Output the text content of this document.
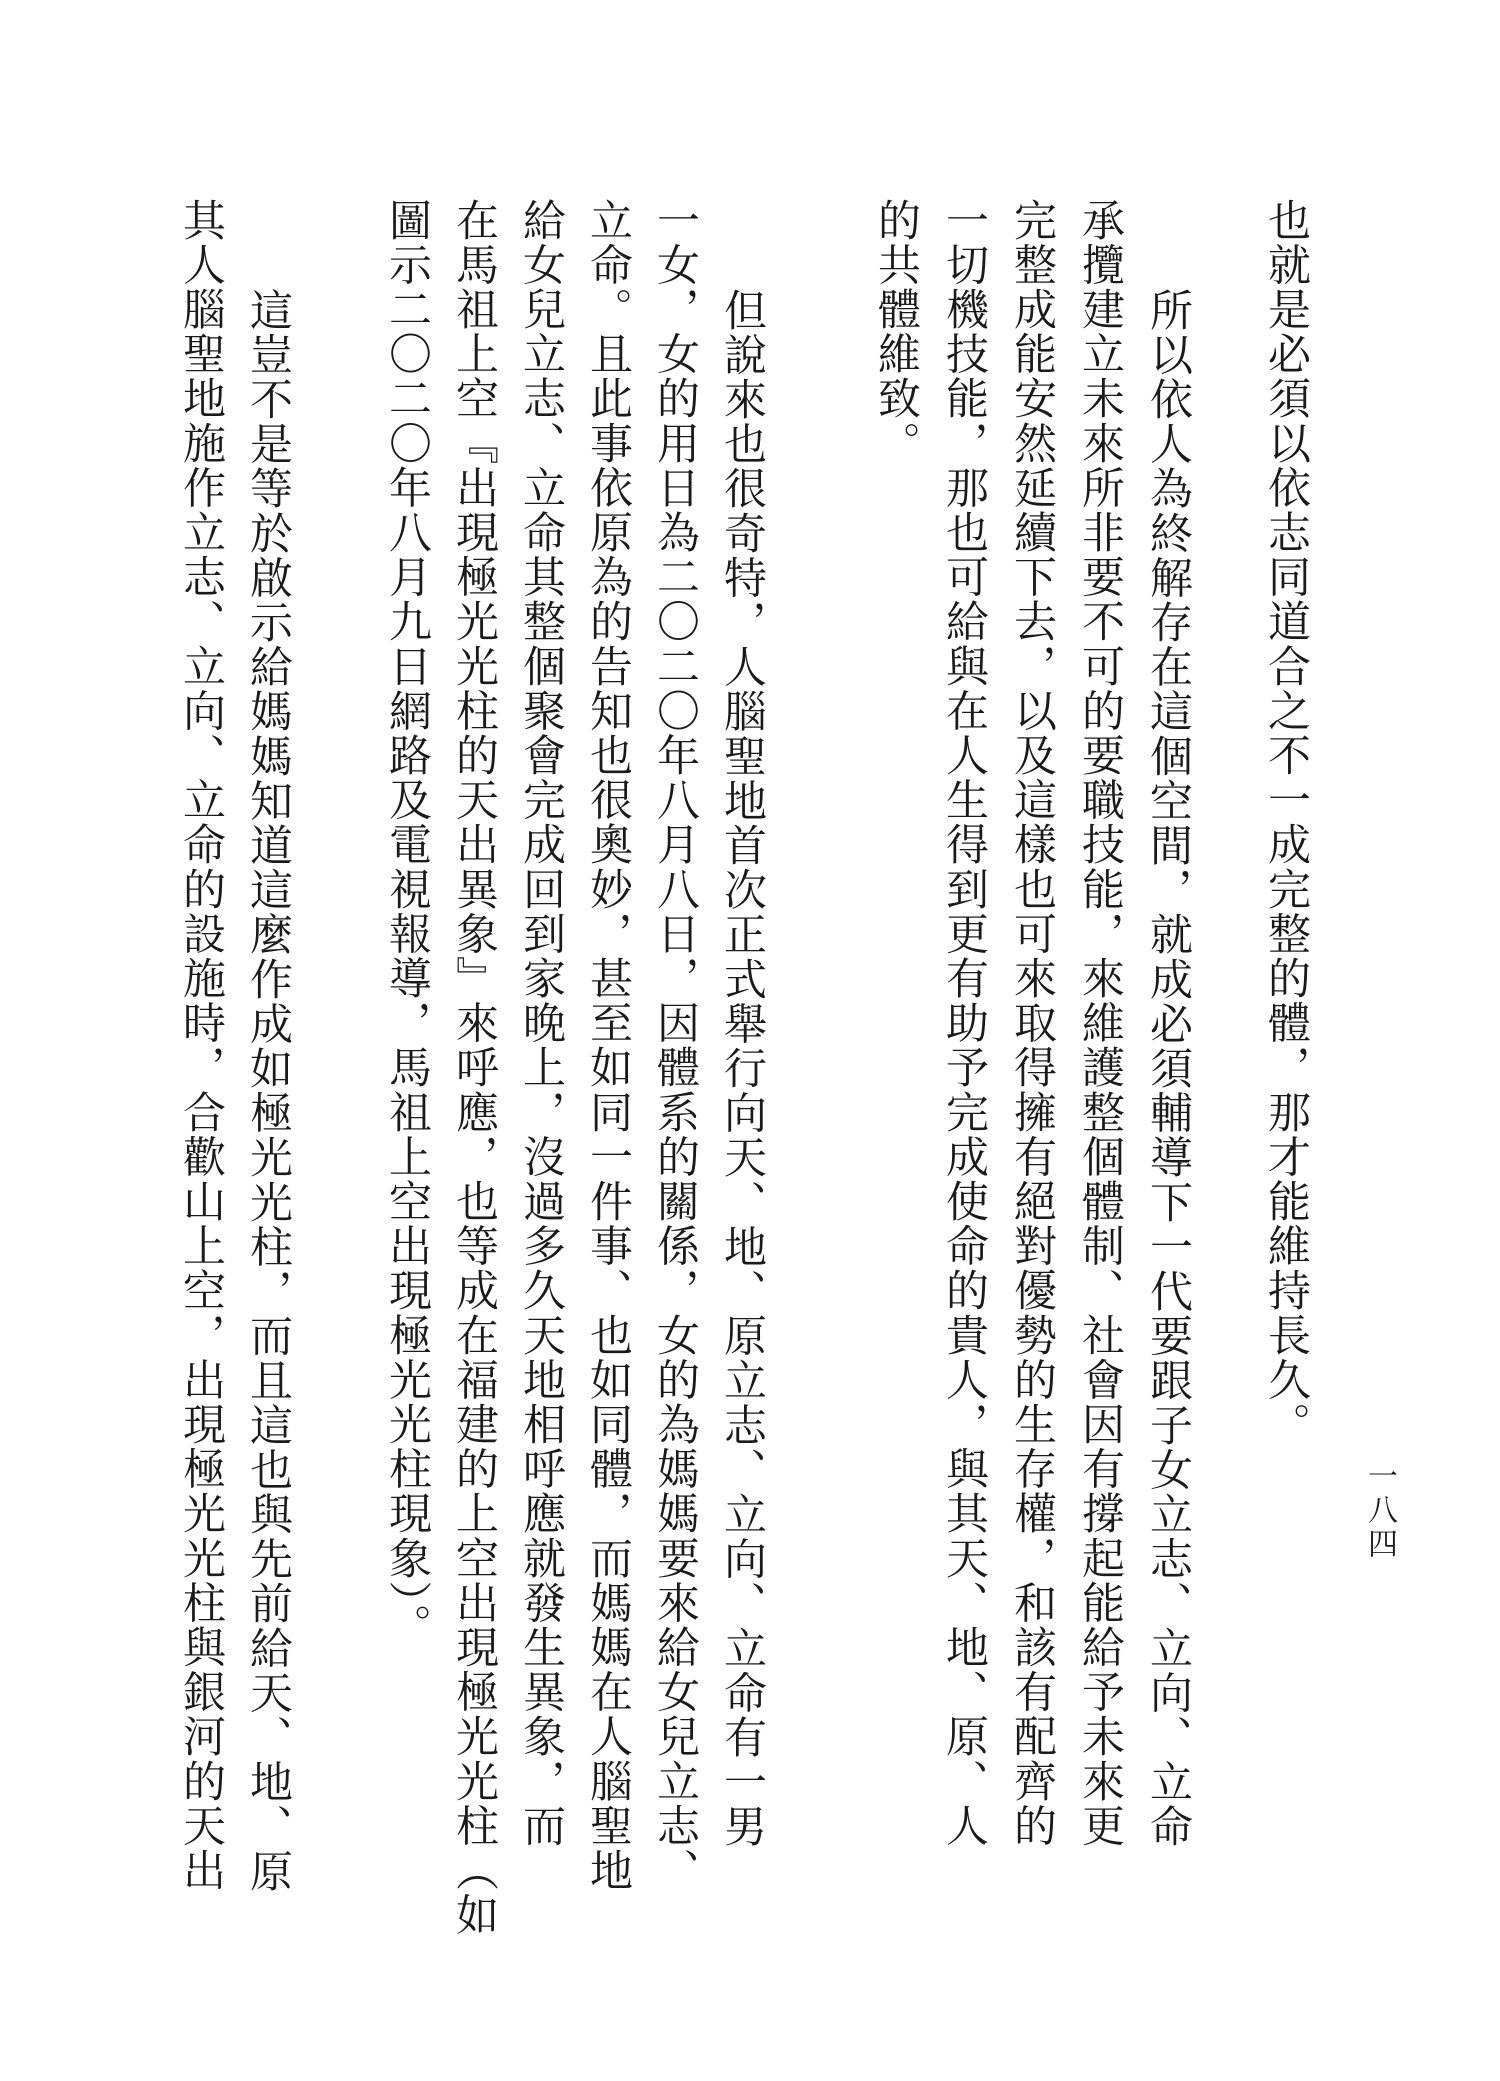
一八四
也就是必須以依志同道合之不一成完整的體，那才能維持長久。
所以依人為終解存在這個空間，就成必須輔導下一代要跟子女立志、立向、立命
承攬建立未來所非要不可的要職技能，來維護整個體制、社會因有撐起能給予未來更
完整成能安然延續下去，以及這樣也可來取得擁有絕對優勢的生存權，和該有配齊的
一切機技能，那也可給與在人生得到更有助予完成使命的貴人，與其天、地、原、人
的共體維致。
但說來也很奇特，人腦聖地首次正式舉行向天、地、原立志、立向、立命有一男
一女，女的用日為二〇二〇年八月八日，因體系的關係，女的為媽媽要來給女兒立志、
立命。且此事依原為的告知也很奧妙，甚至如同一件事、也如同體，而媽媽在人腦聖地
給女兒立志、立命其整個聚會完成回到家晚上，沒過多久天地相呼應就發生異象，而
在馬祖上空『出現極光光柱的天出異象』來呼應，也等成在福建的上空出現極光光柱（如
圖示二〇二〇年八月九日網路及電視報導，馬祖上空出現極光光柱現象）。
這豈不是等於啟示給媽媽知道這麼作成如極光光柱，而且這也與先前給天、地、原
其人腦聖地施作立志、立向、立命的設施時，合歡山上空，出現極光光柱與銀河的天出
